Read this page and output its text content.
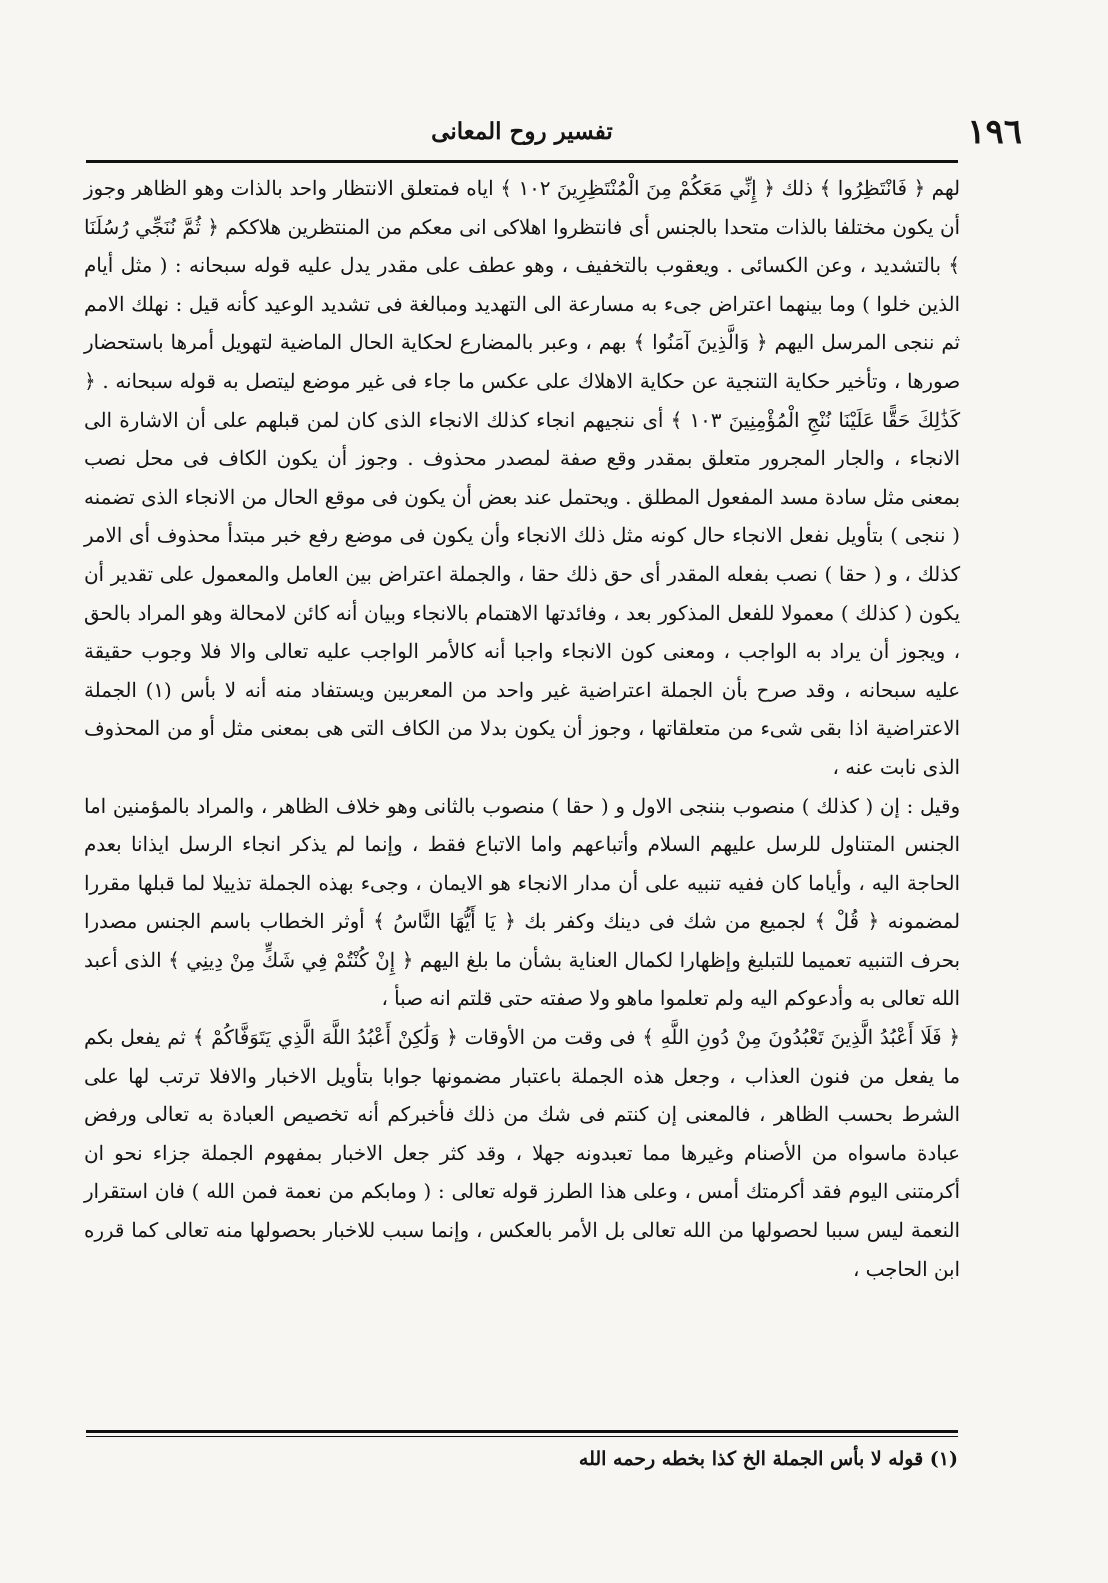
١٩٦
تفسير روح المعانى

لهم ﴿ فَانْتَظِرُوا ﴾ ذلك ﴿ إِنِّي مَعَكُمْ مِنَ الْمُنْتَظِرِينَ ١٠٢ ﴾ اياه فمتعلق الانتظار واحد بالذات وهو الظاهر وجوز أن يكون مختلفا بالذات متحدا بالجنس أى فانتظروا اهلاكى انى معكم من المنتظرين هلاككم ﴿ ثُمَّ نُنَجِّي رُسُلَنَا ﴾ بالتشديد ، وعن الكسائى . ويعقوب بالتخفيف ، وهو عطف على مقدر يدل عليه قوله سبحانه : ( مثل أيام الذين خلوا ) وما بينهما اعتراض جىء به مسارعة الى التهديد ومبالغة فى تشديد الوعيد كأنه قيل : نهلك الامم ثم ننجى المرسل اليهم ﴿ وَالَّذِينَ آمَنُوا ﴾ بهم ، وعبر بالمضارع لحكاية الحال الماضية لتهويل أمرها باستحضار صورها ، وتأخير حكاية التنجية عن حكاية الاهلاك على عكس ما جاء فى غير موضع ليتصل به قوله سبحانه . ﴿ كَذَٰلِكَ حَقًّا عَلَيْنَا نُنْجِ الْمُؤْمِنِينَ ١٠٣ ﴾ أى ننجيهم انجاء كذلك الانجاء الذى كان لمن قبلهم على أن الاشارة الى الانجاء ، والجار المجرور متعلق بمقدر وقع صفة لمصدر محذوف . وجوز أن يكون الكاف فى محل نصب بمعنى مثل سادة مسد المفعول المطلق . ويحتمل عند بعض أن يكون فى موقع الحال من الانجاء الذى تضمنه ( ننجى ) بتأويل نفعل الانجاء حال كونه مثل ذلك الانجاء وأن يكون فى موضع رفع خبر مبتدأ محذوف أى الامر كذلك ، و ( حقا ) نصب بفعله المقدر أى حق ذلك حقا ، والجملة اعتراض بين العامل والمعمول على تقدير أن يكون ( كذلك ) معمولا للفعل المذكور بعد ، وفائدتها الاهتمام بالانجاء وبيان أنه كائن لامحالة وهو المراد بالحق ، ويجوز أن يراد به الواجب ، ومعنى كون الانجاء واجبا أنه كالأمر الواجب عليه تعالى والا فلا وجوب حقيقة عليه سبحانه ، وقد صرح بأن الجملة اعتراضية غير واحد من المعربين ويستفاد منه أنه لا بأس (١) الجملة الاعتراضية اذا بقى شىء من متعلقاتها ، وجوز أن يكون بدلا من الكاف التى هى بمعنى مثل أو من المحذوف الذى نابت عنه ،

وقيل : إن ( كذلك ) منصوب بننجى الاول و ( حقا ) منصوب بالثانى وهو خلاف الظاهر ، والمراد بالمؤمنين اما الجنس المتناول للرسل عليهم السلام وأتباعهم واما الاتباع فقط ، وإنما لم يذكر انجاء الرسل ايذانا بعدم الحاجة اليه ، وأياما كان ففيه تنبيه على أن مدار الانجاء هو الايمان ، وجىء بهذه الجملة تذييلا لما قبلها مقررا لمضمونه ﴿ قُلْ ﴾ لجميع من شك فى دينك وكفر بك ﴿ يَا أَيُّهَا النَّاسُ ﴾ أوثر الخطاب باسم الجنس مصدرا بحرف التنبيه تعميما للتبليغ وإظهارا لكمال العناية بشأن ما بلغ اليهم ﴿ إِنْ كُنْتُمْ فِي شَكٍّ مِنْ دِينِي ﴾ الذى أعبد الله تعالى به وأدعوكم اليه ولم تعلموا ماهو ولا صفته حتى قلتم انه صبأ ،

﴿ فَلَا أَعْبُدُ الَّذِينَ تَعْبُدُونَ مِنْ دُونِ اللَّهِ ﴾ فى وقت من الأوقات ﴿ وَلَٰكِنْ أَعْبُدُ اللَّهَ الَّذِي يَتَوَفَّاكُمْ ﴾ ثم يفعل بكم ما يفعل من فنون العذاب ، وجعل هذه الجملة باعتبار مضمونها جوابا بتأويل الاخبار والافلا ترتب لها على الشرط بحسب الظاهر ، فالمعنى إن كنتم فى شك من ذلك فأخبركم أنه تخصيص العبادة به تعالى ورفض عبادة ماسواه من الأصنام وغيرها مما تعبدونه جهلا ، وقد كثر جعل الاخبار بمفهوم الجملة جزاء نحو ان أكرمتنى اليوم فقد أكرمتك أمس ، وعلى هذا الطرز قوله تعالى : ( ومابكم من نعمة فمن الله ) فان استقرار النعمة ليس سببا لحصولها من الله تعالى بل الأمر بالعكس ، وإنما سبب للاخبار بحصولها منه تعالى كما قرره ابن الحاجب ،

(١) قوله لا بأس الجملة الخ كذا بخطه رحمه الله
